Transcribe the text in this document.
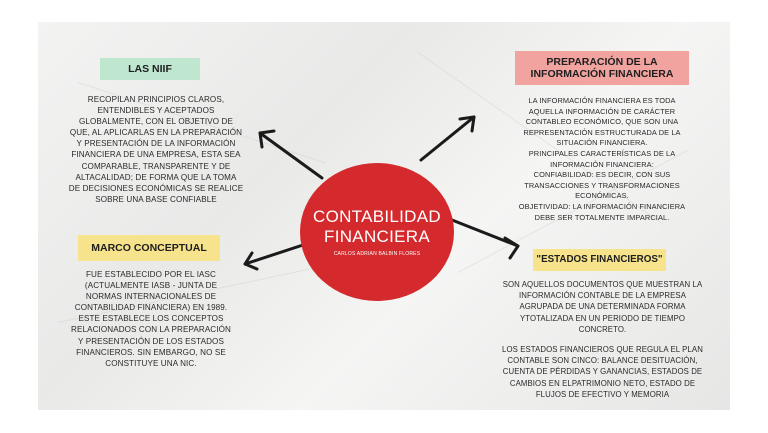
CONTABILIDAD
FINANCIERA
CARLOS ADRIAN BALBIN FLORES
LAS NIIF

RECOPILAN PRINCIPIOS CLAROS,

ENTENDIBLES Y ACEPTADOS

GLOBALMENTE, CON EL OBJETIVO DE

QUE, AL APLICARLAS EN LA PREPARACIÓN

Y PRESENTACIÓN DE LA INFORMACIÓN

FINANCIERA DE UNA EMPRESA, ESTA SEA

COMPARABLE, TRANSPARENTE Y DE

ALTACALIDAD; DE FORMA QUE LA TOMA

DE DECISIONES ECONÓMICAS SE REALICE

SOBRE UNA BASE CONFIABLE

MARCO CONCEPTUAL

FUE ESTABLECIDO POR EL IASC

(ACTUALMENTE IASB - JUNTA DE

NORMAS INTERNACIONALES DE

CONTABILIDAD FINANCIERA) EN 1989.

ESTE ESTABLECE LOS CONCEPTOS

RELACIONADOS CON LA PREPARACIÓN

Y PRESENTACIÓN DE LOS ESTADOS

FINANCIEROS. SIN EMBARGO, NO SE

CONSTITUYE UNA NIC.

PREPARACIÓN DE LA
INFORMACIÓN FINANCIERA

LA INFORMACIÓN FINANCIERA ES TODA

AQUELLA INFORMACIÓN DE CARÁCTER

CONTABLEO ECONÓMICO, QUE SON UNA

REPRESENTACIÓN ESTRUCTURADA DE LA

SITUACIÓN FINANCIERA.

PRINCIPALES CARACTERÍSTICAS DE LA

INFORMACIÓN FINANCIERA:

CONFIABILIDAD: ES DECIR, CON SUS

TRANSACCIONES Y TRANSFORMACIONES

ECONÓMICAS.

OBJETIVIDAD: LA INFORMACIÓN FINANCIERA

DEBE SER TOTALMENTE IMPARCIAL.

"ESTADOS FINANCIEROS"

SON AQUELLOS DOCUMENTOS QUE MUESTRAN LA

INFORMACIÓN CONTABLE DE LA EMPRESA

AGRUPADA DE UNA DETERMINADA FORMA

YTOTALIZADA EN UN PERIODO DE TIEMPO

CONCRETO.

LOS ESTADOS FINANCIEROS QUE REGULA EL PLAN

CONTABLE SON CINCO: BALANCE DESITUACIÓN,

CUENTA DE PÉRDIDAS Y GANANCIAS, ESTADOS DE

CAMBIOS EN ELPATRIMONIO NETO, ESTADO DE

FLUJOS DE EFECTIVO Y MEMORIA
